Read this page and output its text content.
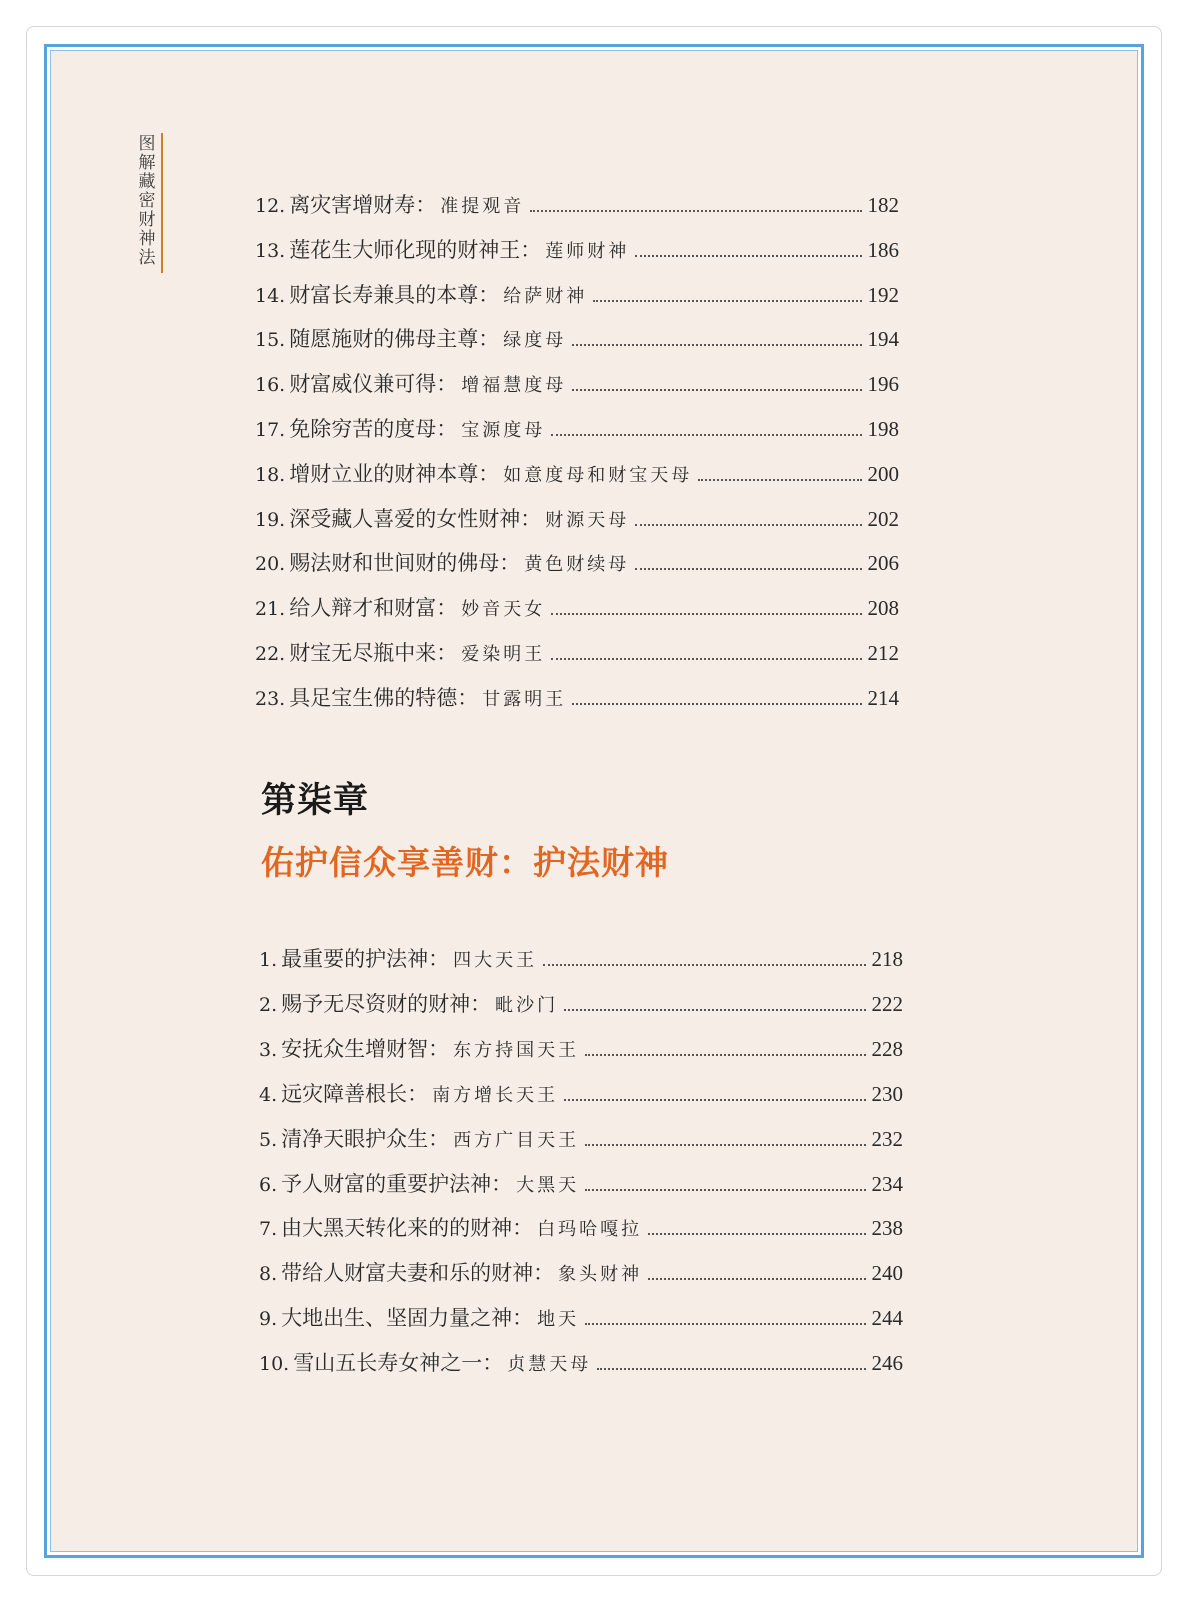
图解藏密财神法
12. 离灾害增财寿： 准提观音	182
13. 莲花生大师化现的财神王： 莲师财神	186
14. 财富长寿兼具的本尊： 给萨财神	192
15. 随愿施财的佛母主尊： 绿度母	194
16. 财富威仪兼可得： 增福慧度母	196
17. 免除穷苦的度母： 宝源度母	198
18. 增财立业的财神本尊： 如意度母和财宝天母	200
19. 深受藏人喜爱的女性财神： 财源天母	202
20. 赐法财和世间财的佛母： 黄色财续母	206
21. 给人辩才和财富： 妙音天女	208
22. 财宝无尽瓶中来： 爱染明王	212
23. 具足宝生佛的特德： 甘露明王	214
第柒章
佑护信众享善财：护法财神
1. 最重要的护法神： 四大天王	218
2. 赐予无尽资财的财神： 毗沙门	222
3. 安抚众生增财智： 东方持国天王	228
4. 远灾障善根长： 南方增长天王	230
5. 清净天眼护众生： 西方广目天王	232
6. 予人财富的重要护法神： 大黑天	234
7. 由大黑天转化来的的财神： 白玛哈嘎拉	238
8. 带给人财富夫妻和乐的财神： 象头财神	240
9. 大地出生、坚固力量之神： 地天	244
10. 雪山五长寿女神之一： 贞慧天母	246
